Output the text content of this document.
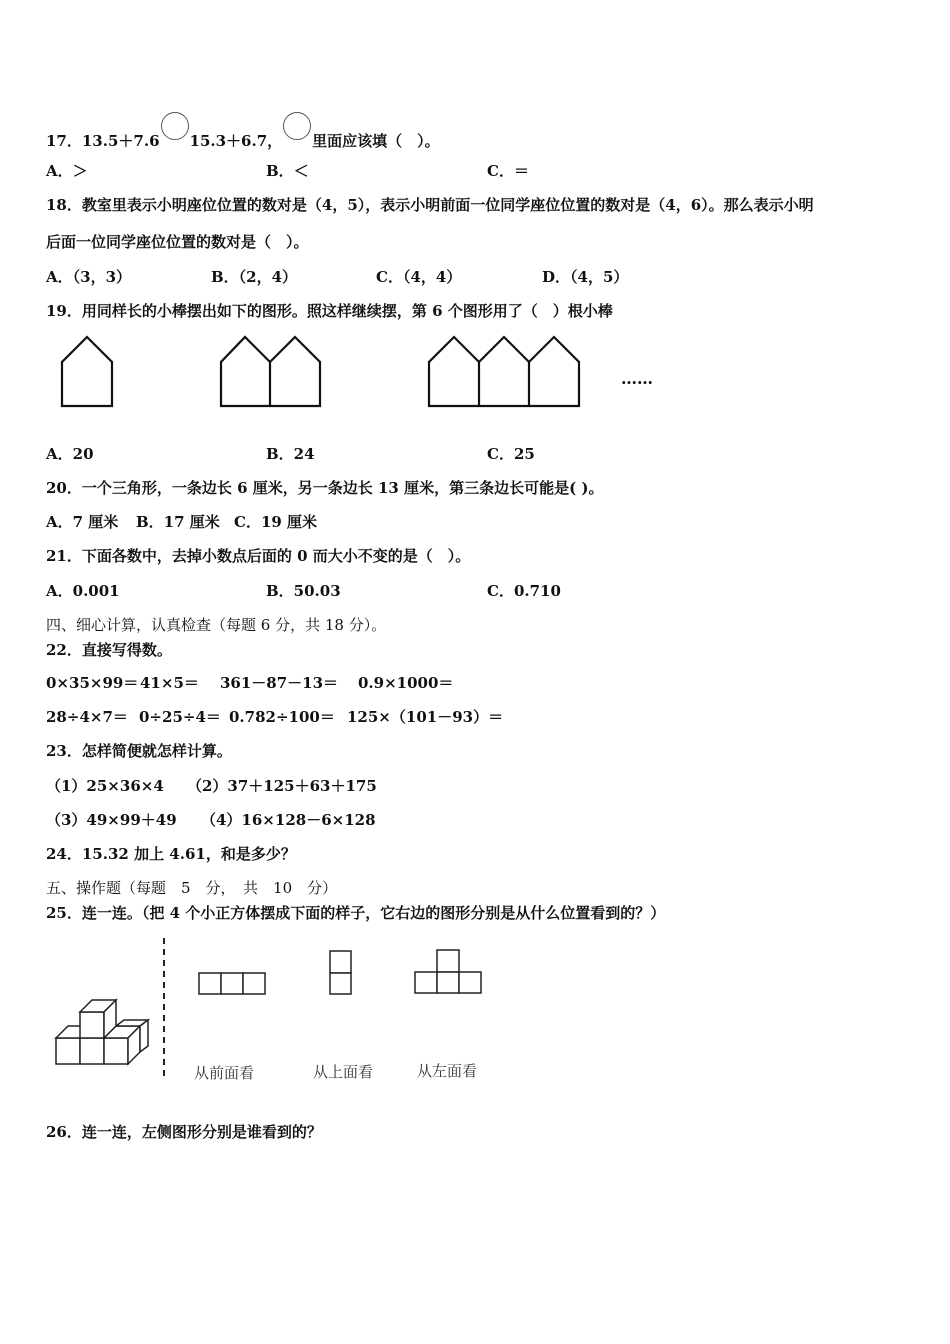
17．13.5＋7.6 15.3＋6.7， 里面应该填（　）。
A．＞	B．＜	C．＝
18．教室里表示小明座位位置的数对是（4，5），表示小明前面一位同学座位位置的数对是（4，6）。那么表示小明
后面一位同学座位位置的数对是（　）。
A．（3，3）	B．（2，4）	C．（4，4）	D．（4，5）
19．用同样长的小棒摆出如下的图形。照这样继续摆，第 6 个图形用了（　）根小棒
……
A．20	B．24	C．25
20．一个三角形，一条边长 6 厘米，另一条边长 13 厘米，第三条边长可能是( )。
A．7 厘米 B．17 厘米 C．19 厘米
21．下面各数中，去掉小数点后面的 0 而大小不变的是（　）。
A．0.001	B．50.03	C．0.710
四、细心计算，认真检查（每题 6 分，共 18 分）。
22．直接写得数。
0×35×99＝ 41×5＝ 361－87－13＝ 0.9×1000＝
28÷4×7＝ 0÷25÷4＝ 0.782÷100＝ 125×（101－93）＝
23．怎样简便就怎样计算。
（1）25×36×4 （2）37＋125＋63＋175
（3）49×99＋49 （4）16×128－6×128
24．15.32 加上 4.61，和是多少？
五、操作题（每题　5　分，　共　10　分）
25．连一连。（把 4 个小正方体摆成下面的样子，它右边的图形分别是从什么位置看到的？）
从前面看	从上面看	从左面看
26．连一连，左侧图形分别是谁看到的？
